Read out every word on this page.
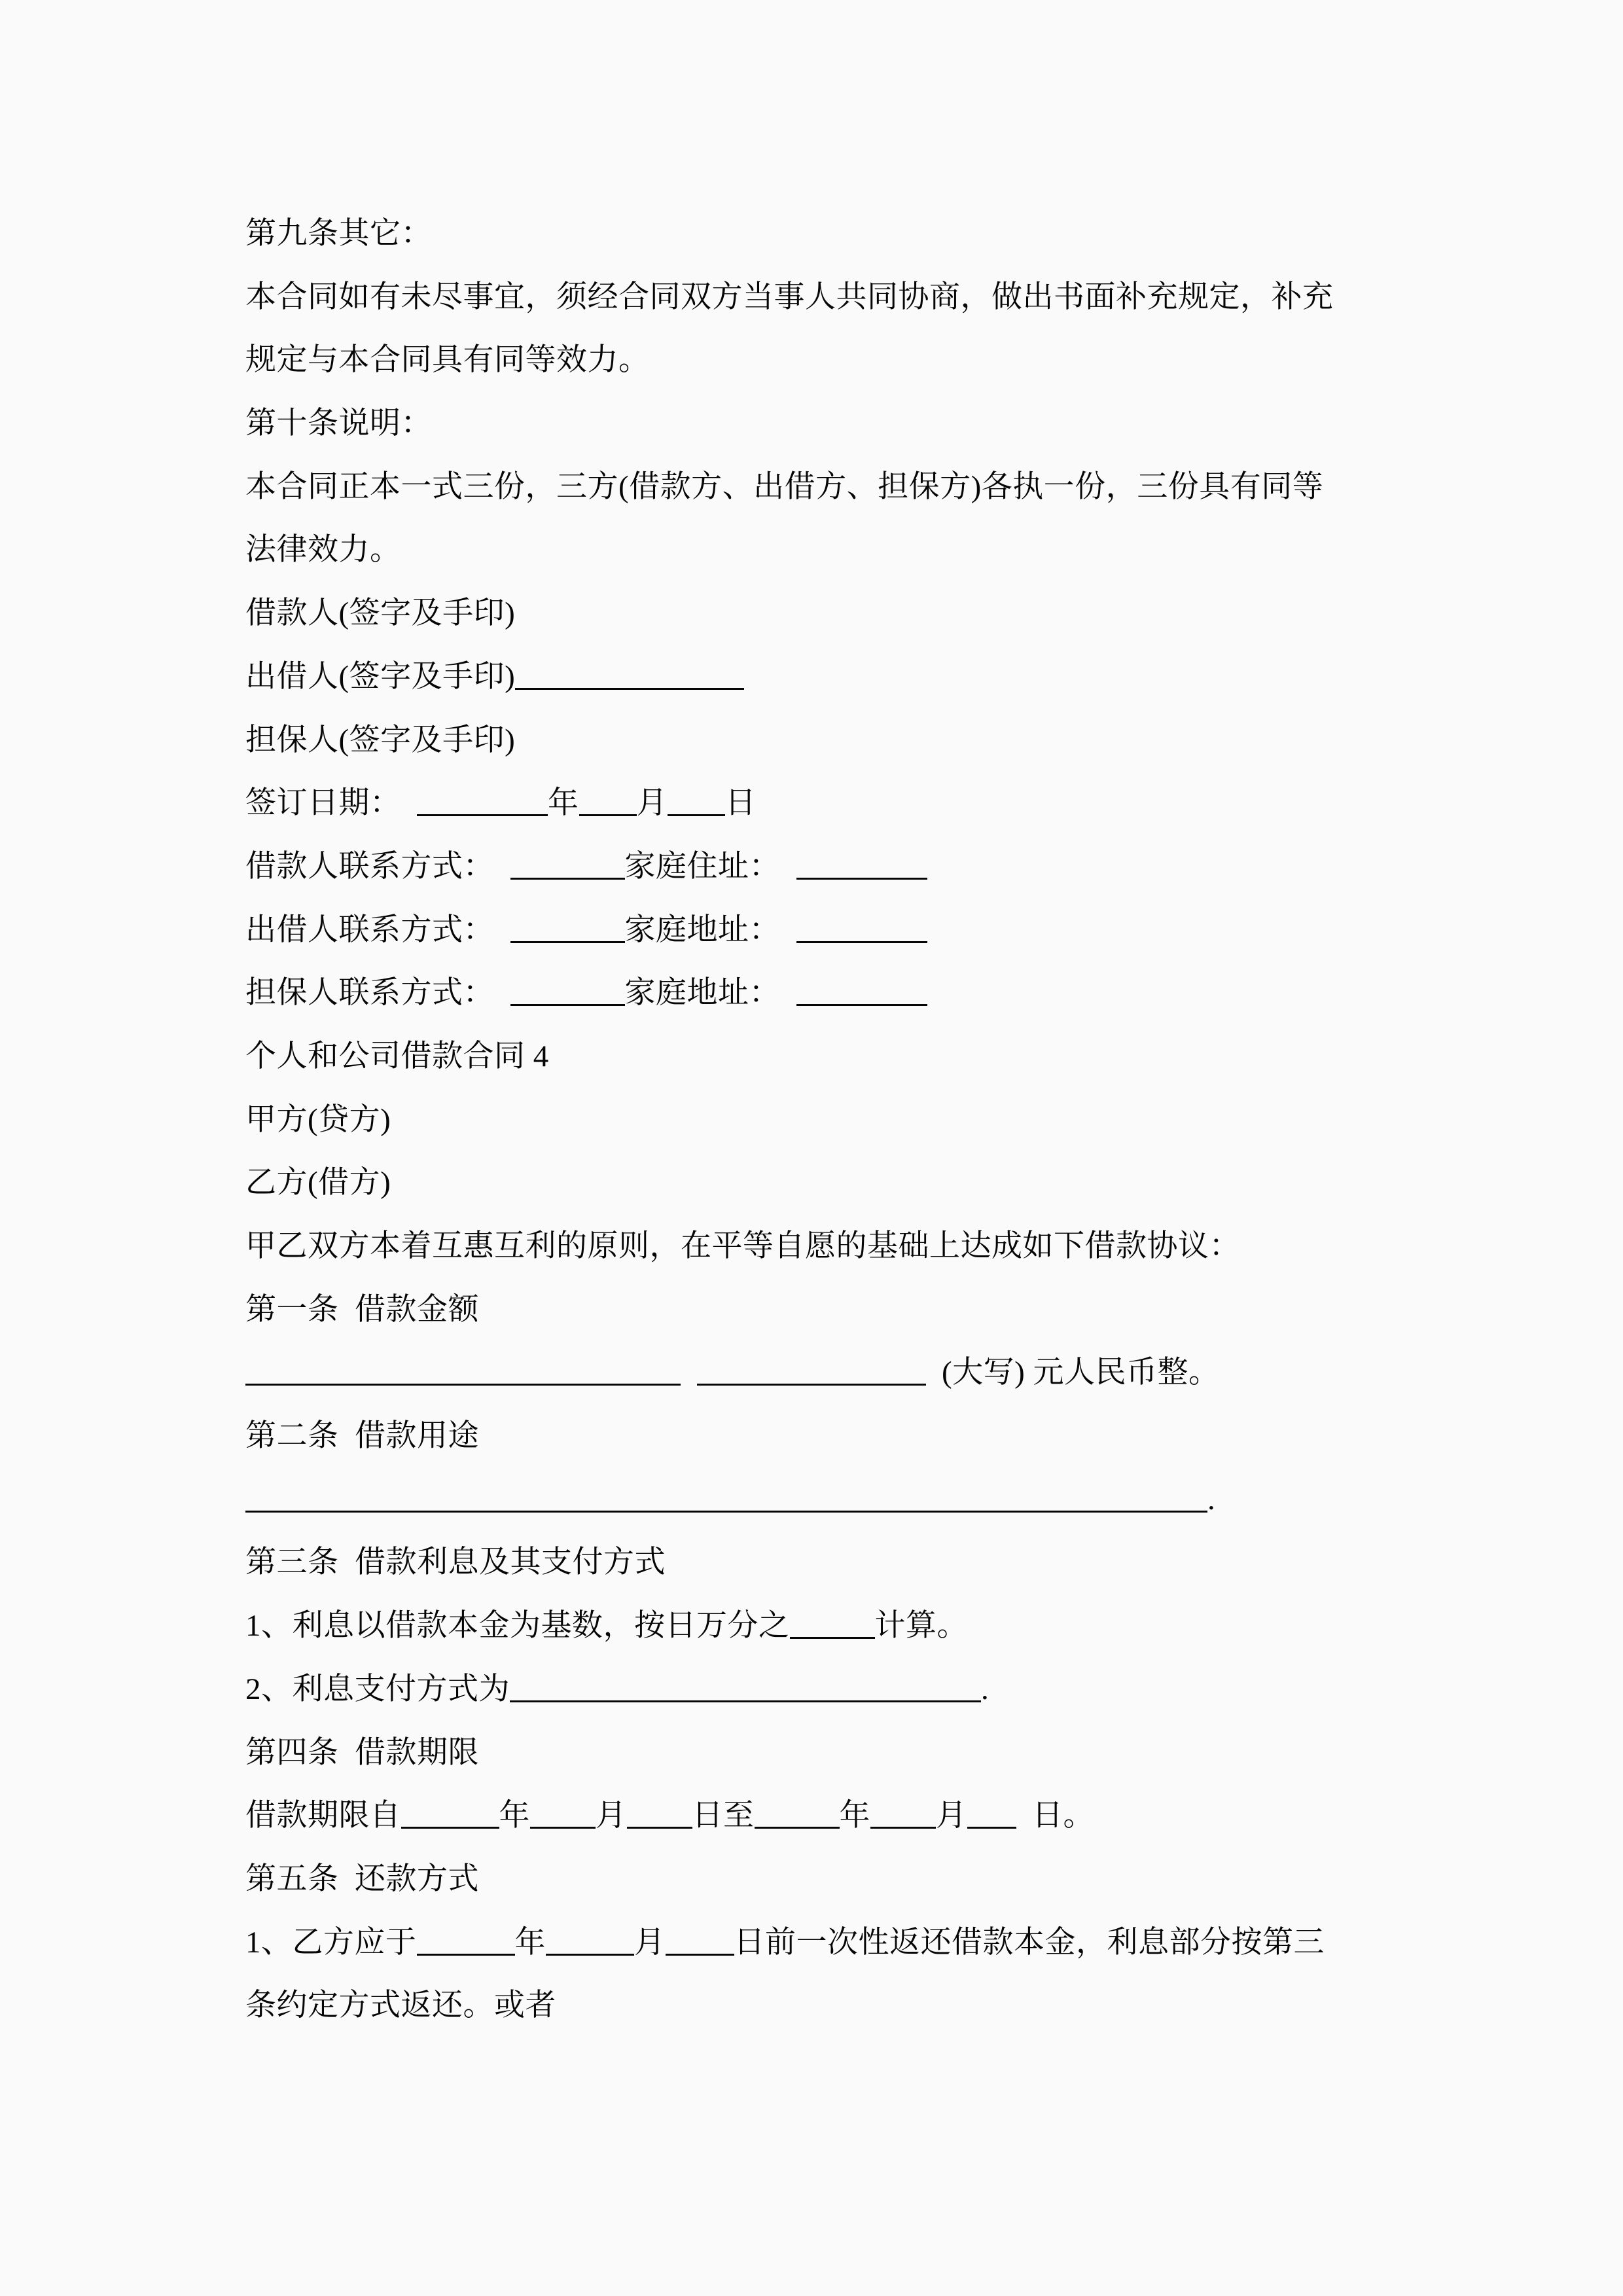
第九条其它：
本合同如有未尽事宜，须经合同双方当事人共同协商，做出书面补充规定，补充
规定与本合同具有同等效力。
第十条说明：
本合同正本一式三份，三方(借款方、出借方、担保方)各执一份，三份具有同等
法律效力。
借款人(签字及手印)
出借人(签字及手印)
担保人(签字及手印)
签订日期：	年 月 日
借款人联系方式：	家庭住址：
出借人联系方式：	家庭地址：
担保人联系方式：	家庭地址：
个人和公司借款合同 4
甲方(贷方)
乙方(借方)
甲乙双方本着互惠互利的原则，在平等自愿的基础上达成如下借款协议：
第一条  借款金额
(大写) 元人民币整。
第二条  借款用途
.
第三条  借款利息及其支付方式
1、利息以借款本金为基数，按日万分之	计算。
2、利息支付方式为	.
第四条  借款期限
借款期限自	年 月 日至	年 月  日。
第五条  还款方式
1、乙方应于	年	月 日前一次性返还借款本金，利息部分按第三
条约定方式返还。或者
